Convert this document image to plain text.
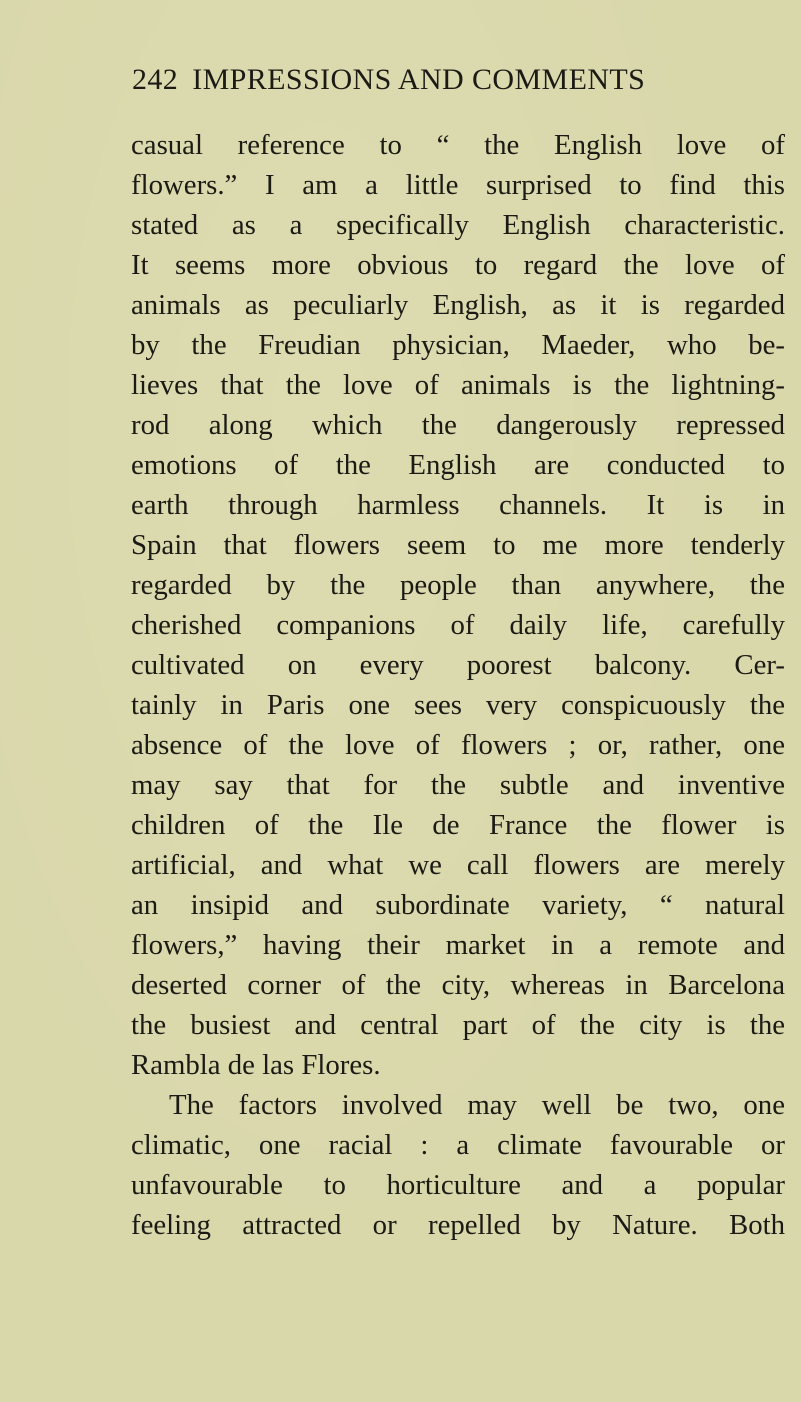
242 IMPRESSIONS AND COMMENTS
casual reference to “ the English love of
flowers.” I am a little surprised to find this
stated as a specifically English characteristic.
It seems more obvious to regard the love of
animals as peculiarly English, as it is regarded
by the Freudian physician, Maeder, who be-
lieves that the love of animals is the lightning-
rod along which the dangerously repressed
emotions of the English are conducted to
earth through harmless channels. It is in
Spain that flowers seem to me more tenderly
regarded by the people than anywhere, the
cherished companions of daily life, carefully
cultivated on every poorest balcony. Cer-
tainly in Paris one sees very conspicuously the
absence of the love of flowers ; or, rather, one
may say that for the subtle and inventive
children of the Ile de France the flower is
artificial, and what we call flowers are merely
an insipid and subordinate variety, “ natural
flowers,” having their market in a remote and
deserted corner of the city, whereas in Barcelona
the busiest and central part of the city is the
Rambla de las Flores.
The factors involved may well be two, one
climatic, one racial : a climate favourable or
unfavourable to horticulture and a popular
feeling attracted or repelled by Nature. Both
